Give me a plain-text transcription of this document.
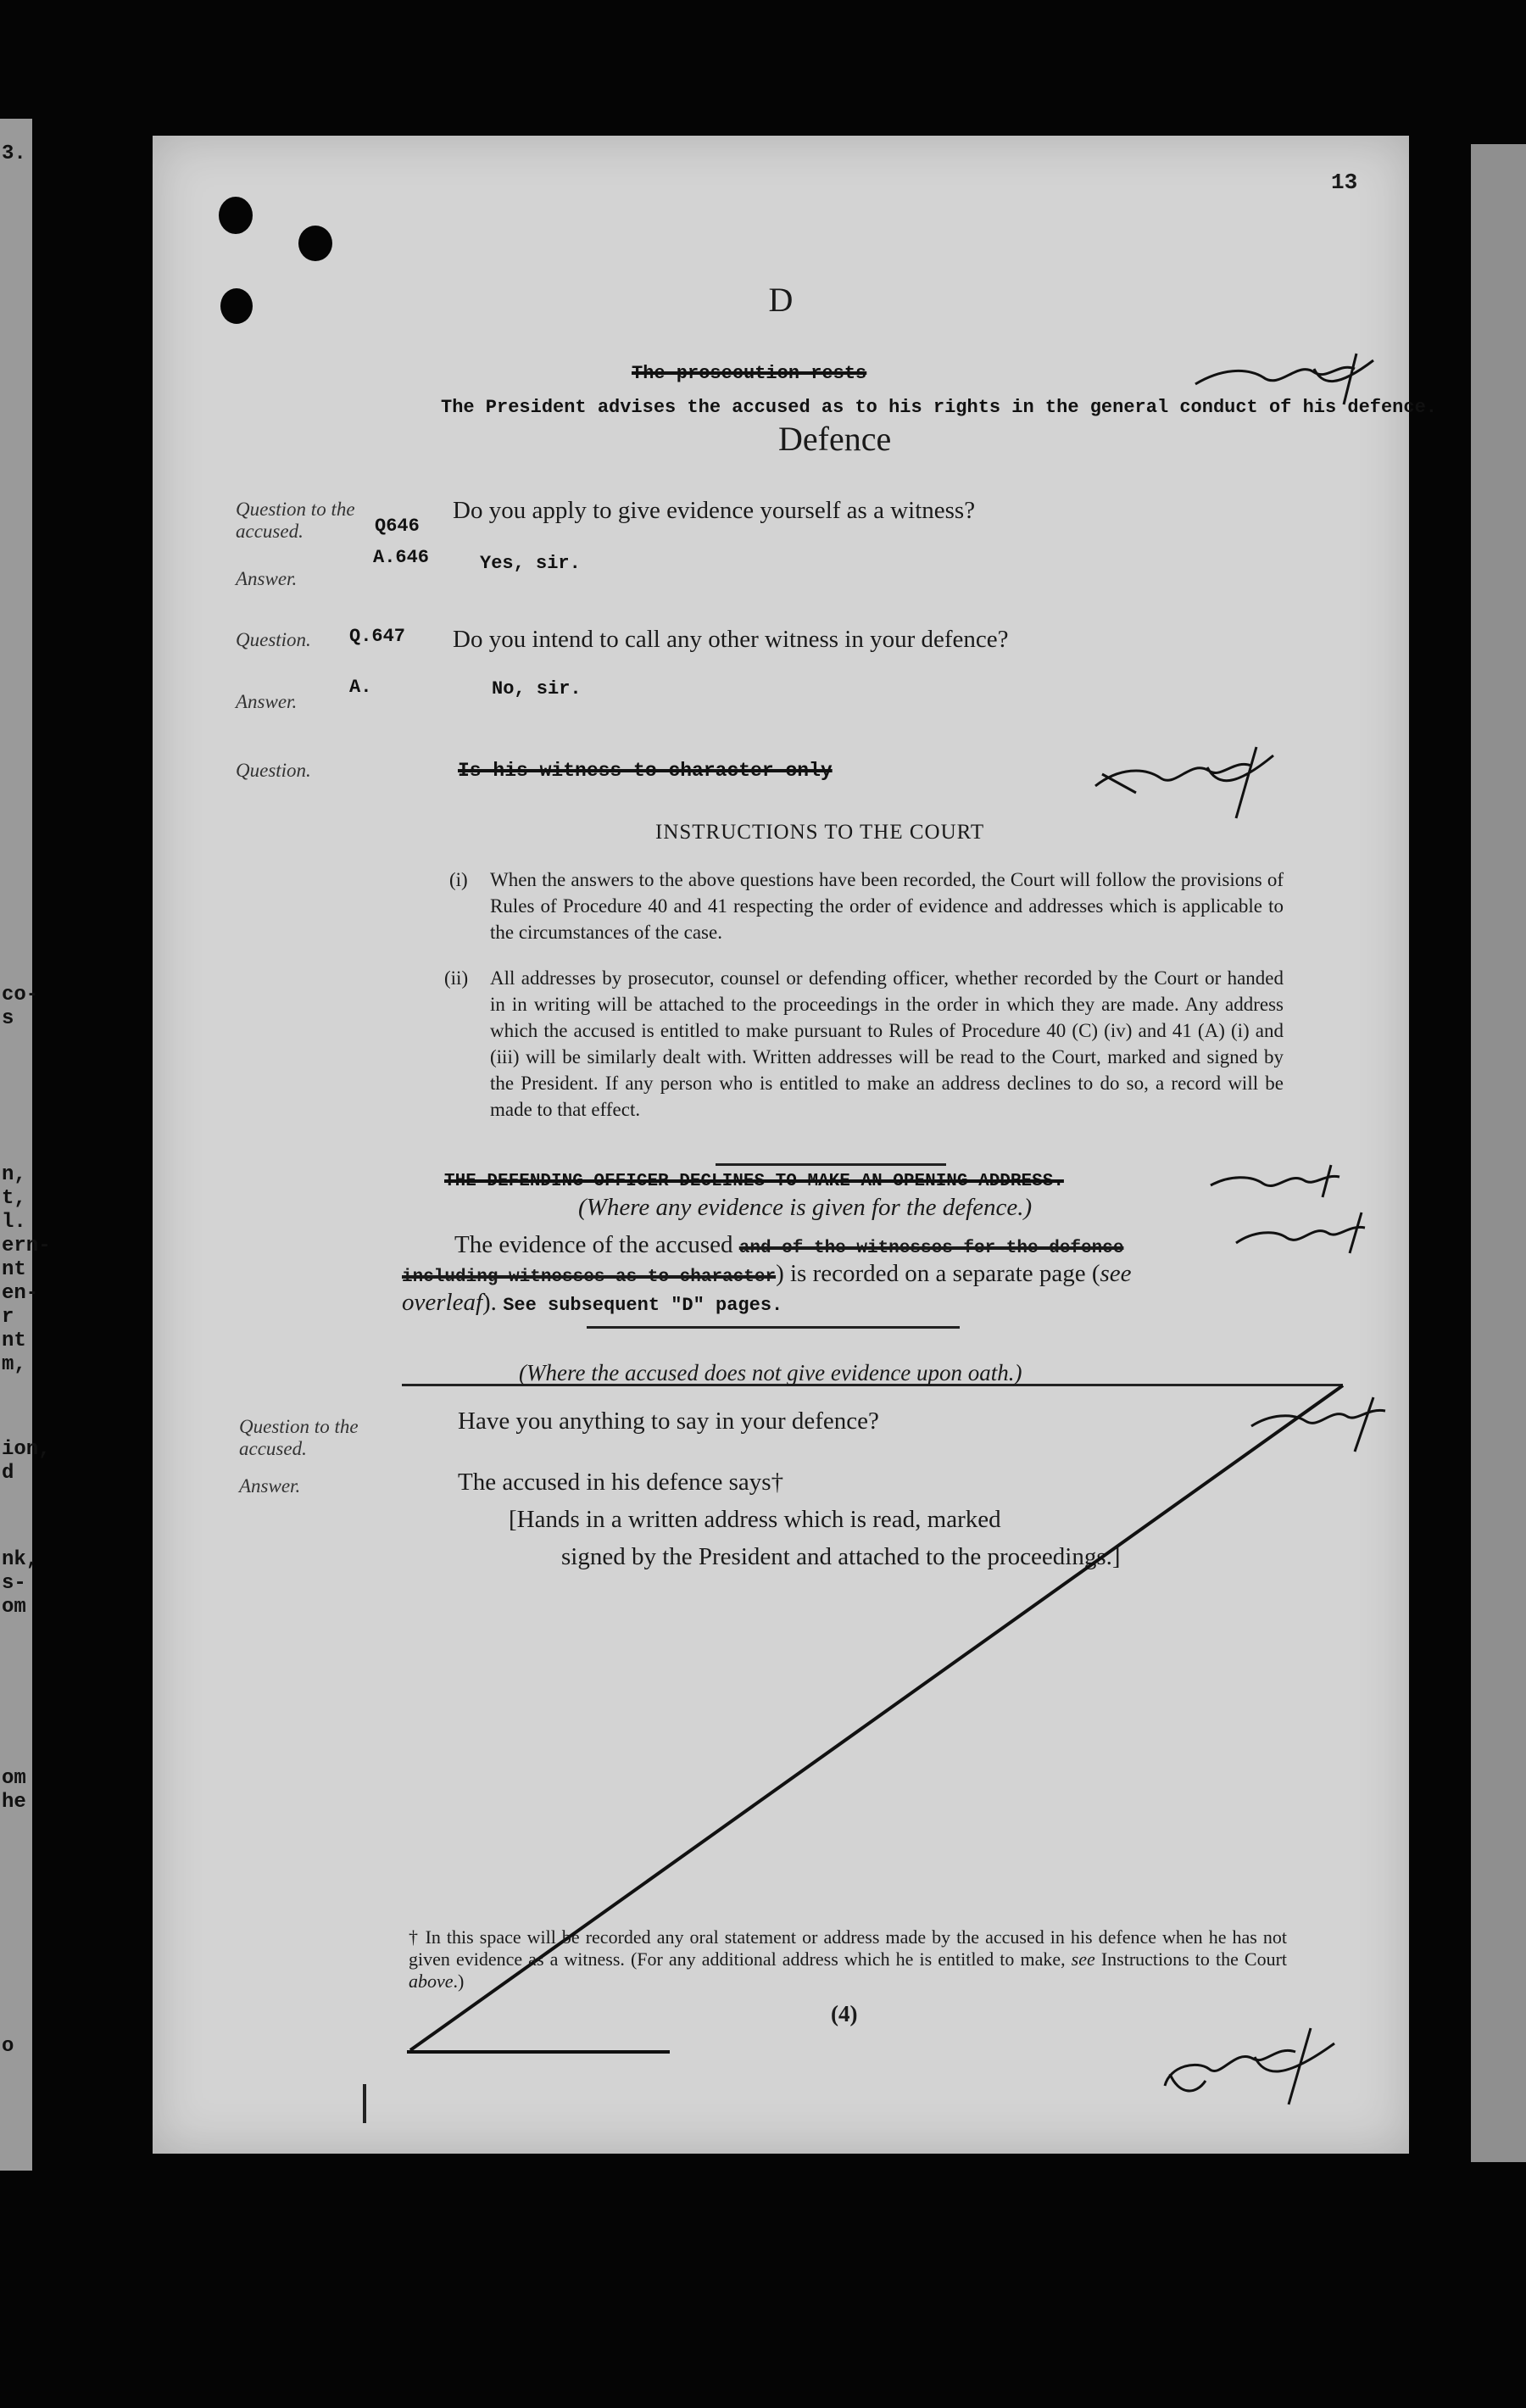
3.
co-
s
n,
t,
l.
ern-
nt
en-
r
nt
m,
ion,
d
nk,
s-
om
om
he
o
13
D
The prosecution rests
The President advises the accused as to his rights in the general conduct of his defence.
Defence
Question to the accused.	Q646
Do you apply to give evidence yourself as a witness?
A.646	Yes, sir.
Answer.
Question. Q.647 Do you intend to call any other witness in your defence?
A.	No, sir.
Answer.
Question.	Is his witness to character only
INSTRUCTIONS TO THE COURT
(i) When the answers to the above questions have been recorded, the Court will follow the provisions of Rules of Procedure 40 and 41 respecting the order of evidence and addresses which is applicable to the circumstances of the case.
(ii) All addresses by prosecutor, counsel or defending officer, whether recorded by the Court or handed in in writing will be attached to the proceedings in the order in which they are made. Any address which the accused is entitled to make pursuant to Rules of Procedure 40 (C) (iv) and 41 (A) (i) and (iii) will be similarly dealt with. Written addresses will be read to the Court, marked and signed by the President. If any person who is entitled to make an address declines to do so, a record will be made to that effect.
THE DEFENDING OFFICER DECLINES TO MAKE AN OPENING ADDRESS.
(Where any evidence is given for the defence.)
The evidence of the accused and of the witnesses for the defence
including witnesses as to character) is recorded on a separate page (see
overleaf). See subsequent "D" pages.
(Where the accused does not give evidence upon oath.)
Question to the accused.
Have you anything to say in your defence?
Answer.	The accused in his defence says†
[Hands in a written address which is read, marked
signed by the President and attached to the proceedings.]
† In this space will be recorded any oral statement or address made by the accused in his defence when he has not given evidence as a witness. (For any additional address which he is entitled to make, see Instructions to the Court above.)
(4)
